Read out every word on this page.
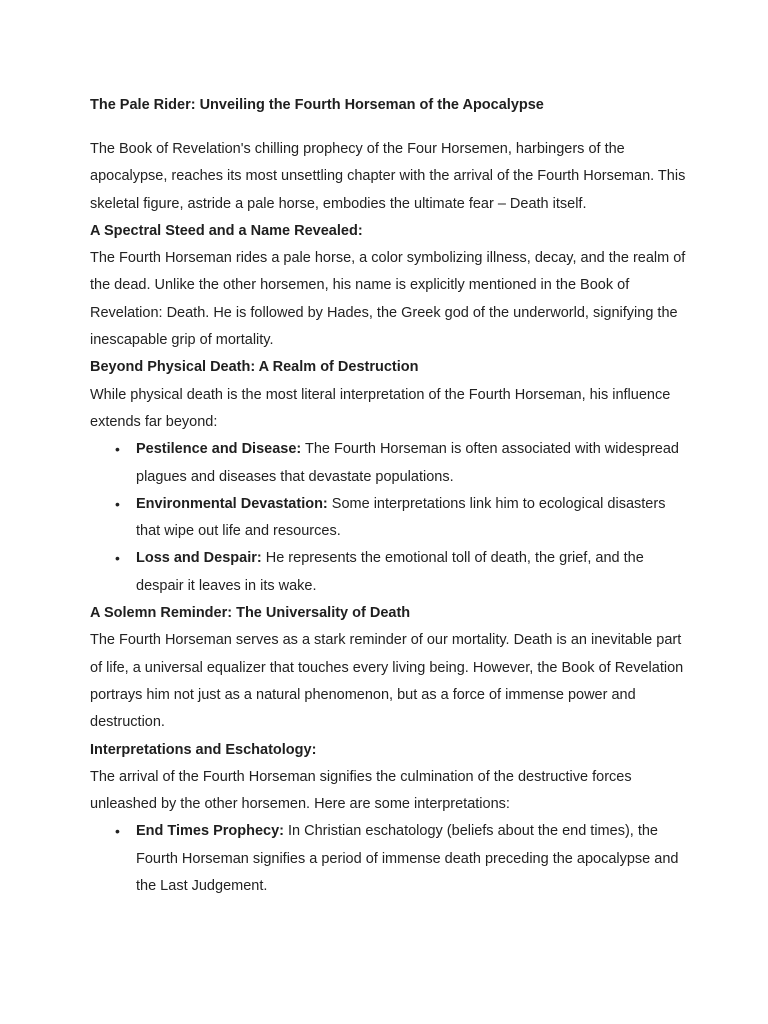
The Pale Rider: Unveiling the Fourth Horseman of the Apocalypse

The Book of Revelation's chilling prophecy of the Four Horsemen, harbingers of the apocalypse, reaches its most unsettling chapter with the arrival of the Fourth Horseman. This skeletal figure, astride a pale horse, embodies the ultimate fear – Death itself.

A Spectral Steed and a Name Revealed:

The Fourth Horseman rides a pale horse, a color symbolizing illness, decay, and the realm of the dead. Unlike the other horsemen, his name is explicitly mentioned in the Book of Revelation: Death. He is followed by Hades, the Greek god of the underworld, signifying the inescapable grip of mortality.

Beyond Physical Death: A Realm of Destruction

While physical death is the most literal interpretation of the Fourth Horseman, his influence extends far beyond:

• Pestilence and Disease: The Fourth Horseman is often associated with widespread plagues and diseases that devastate populations.
• Environmental Devastation: Some interpretations link him to ecological disasters that wipe out life and resources.
• Loss and Despair: He represents the emotional toll of death, the grief, and the despair it leaves in its wake.
A Solemn Reminder: The Universality of Death

The Fourth Horseman serves as a stark reminder of our mortality. Death is an inevitable part of life, a universal equalizer that touches every living being. However, the Book of Revelation portrays him not just as a natural phenomenon, but as a force of immense power and destruction.

Interpretations and Eschatology:

The arrival of the Fourth Horseman signifies the culmination of the destructive forces unleashed by the other horsemen. Here are some interpretations:

• End Times Prophecy: In Christian eschatology (beliefs about the end times), the Fourth Horseman signifies a period of immense death preceding the apocalypse and the Last Judgement.
